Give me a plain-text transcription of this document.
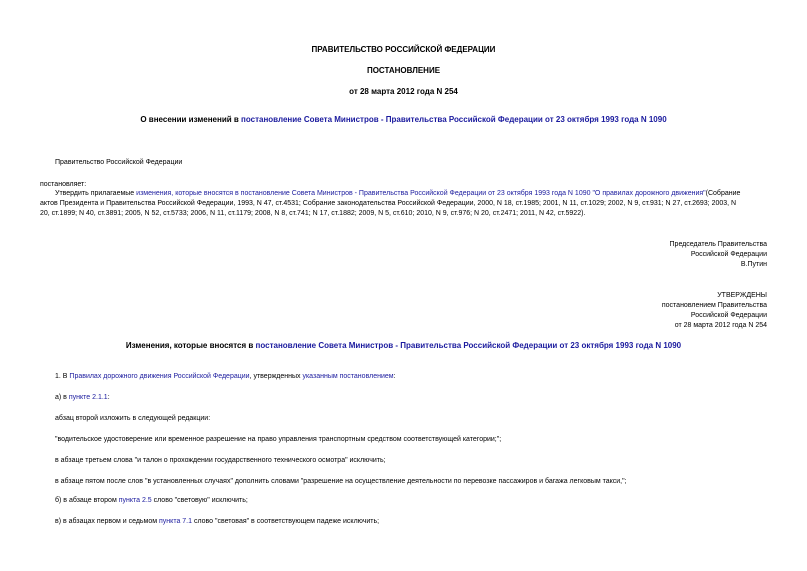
ПРАВИТЕЛЬСТВО РОССИЙСКОЙ ФЕДЕРАЦИИ
ПОСТАНОВЛЕНИЕ
от 28 марта 2012 года N 254
О внесении изменений в постановление Совета Министров - Правительства Российской Федерации от 23 октября 1993 года N 1090
Правительство Российской Федерации
постановляет:
Утвердить прилагаемые изменения, которые вносятся в постановление Совета Министров - Правительства Российской Федерации от 23 октября 1993 года N 1090 "О правилах дорожного движения"(Собрание
актов Президента и Правительства Российской Федерации, 1993, N 47, ст.4531; Собрание законодательства Российской Федерации, 2000, N 18, ст.1985; 2001, N 11, ст.1029; 2002, N 9, ст.931; N 27, ст.2693; 2003, N
20, ст.1899; N 40, ст.3891; 2005, N 52, ст.5733; 2006, N 11, ст.1179; 2008, N 8, ст.741; N 17, ст.1882; 2009, N 5, ст.610; 2010, N 9, ст.976; N 20, ст.2471; 2011, N 42, ст.5922).
Председатель Правительства
Российской Федерации
В.Путин
УТВЕРЖДЕНЫ
постановлением Правительства
Российской Федерации
от 28 марта 2012 года N 254
Изменения, которые вносятся в постановление Совета Министров - Правительства Российской Федерации от 23 октября 1993 года N 1090
1. В Правилах дорожного движения Российской Федерации, утвержденных указанным постановлением:
а) в пункте 2.1.1:
абзац второй изложить в следующей редакции:
"водительское удостоверение или временное разрешение на право управления транспортным средством соответствующей категории;";
в абзаце третьем слова "и талон о прохождении государственного технического осмотра" исключить;
в абзаце пятом после слов "в установленных случаях" дополнить словами "разрешение на осуществление деятельности по перевозке пассажиров и багажа легковым такси,";
б) в абзаце втором пункта 2.5 слово "световую" исключить;
в) в абзацах первом и седьмом пункта 7.1 слово "световая" в соответствующем падеже исключить;
